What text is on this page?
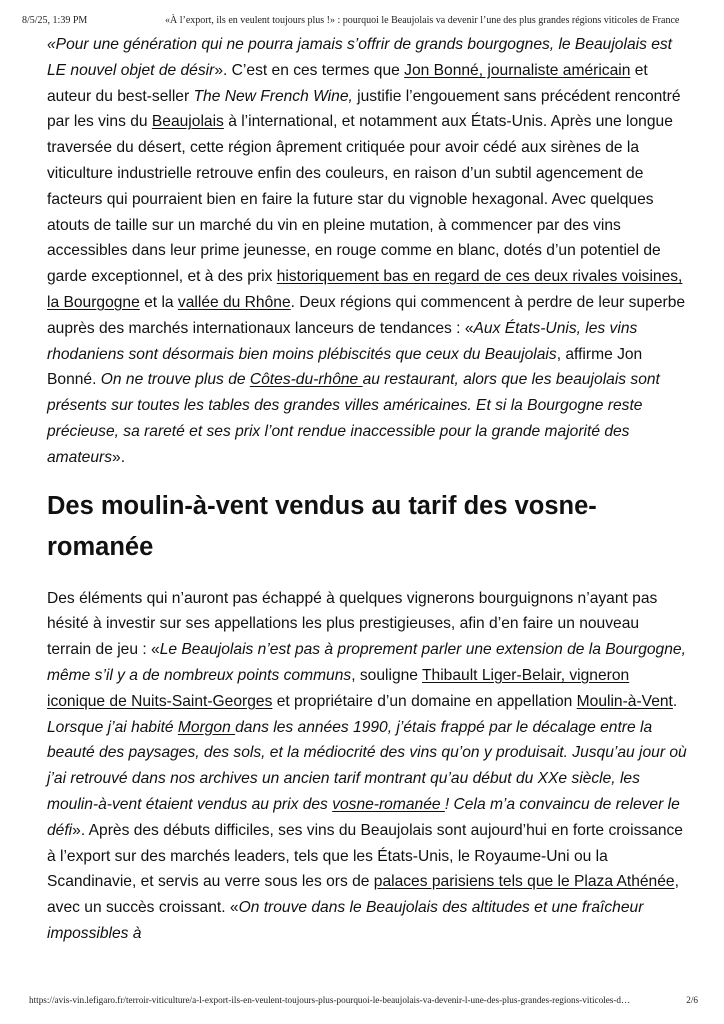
8/5/25, 1:39 PM	«À l’export, ils en veulent toujours plus !» : pourquoi le Beaujolais va devenir l’une des plus grandes régions viticoles de France

«Pour une génération qui ne pourra jamais s’offrir de grands bourgognes, le Beaujolais est LE nouvel objet de désir». C’est en ces termes que Jon Bonné, journaliste américain et auteur du best-seller The New French Wine, justifie l’engouement sans précédent rencontré par les vins du Beaujolais à l’international, et notamment aux États-Unis. Après une longue traversée du désert, cette région âprement critiquée pour avoir cédé aux sirènes de la viticulture industrielle retrouve enfin des couleurs, en raison d’un subtil agencement de facteurs qui pourraient bien en faire la future star du vignoble hexagonal. Avec quelques atouts de taille sur un marché du vin en pleine mutation, à commencer par des vins accessibles dans leur prime jeunesse, en rouge comme en blanc, dotés d’un potentiel de garde exceptionnel, et à des prix historiquement bas en regard de ces deux rivales voisines, la Bourgogne et la vallée du Rhône. Deux régions qui commencent à perdre de leur superbe auprès des marchés internationaux lanceurs de tendances : «Aux États-Unis, les vins rhodaniens sont désormais bien moins plébiscités que ceux du Beaujolais, affirme Jon Bonné. On ne trouve plus de Côtes-du-rhône au restaurant, alors que les beaujolais sont présents sur toutes les tables des grandes villes américaines. Et si la Bourgogne reste précieuse, sa rareté et ses prix l’ont rendue inaccessible pour la grande majorité des amateurs».

Des moulin-à-vent vendus au tarif des vosne-romanée

Des éléments qui n’auront pas échappé à quelques vignerons bourguignons n’ayant pas hésité à investir sur ses appellations les plus prestigieuses, afin d’en faire un nouveau terrain de jeu : «Le Beaujolais n’est pas à proprement parler une extension de la Bourgogne, même s’il y a de nombreux points communs, souligne Thibault Liger-Belair, vigneron iconique de Nuits-Saint-Georges et propriétaire d’un domaine en appellation Moulin-à-Vent. Lorsque j’ai habité Morgon dans les années 1990, j’étais frappé par le décalage entre la beauté des paysages, des sols, et la médiocrité des vins qu’on y produisait. Jusqu’au jour où j’ai retrouvé dans nos archives un ancien tarif montrant qu’au début du XXe siècle, les moulin-à-vent étaient vendus au prix des vosne-romanée ! Cela m’a convaincu de relever le défi». Après des débuts difficiles, ses vins du Beaujolais sont aujourd’hui en forte croissance à l’export sur des marchés leaders, tels que les États-Unis, le Royaume-Uni ou la Scandinavie, et servis au verre sous les ors de palaces parisiens tels que le Plaza Athénée, avec un succès croissant. «On trouve dans le Beaujolais des altitudes et une fraîcheur impossibles à

https://avis-vin.lefigaro.fr/terroir-viticulture/a-l-export-ils-en-veulent-toujours-plus-pourquoi-le-beaujolais-va-devenir-l-une-des-plus-grandes-regions-viticoles-d…	2/6
